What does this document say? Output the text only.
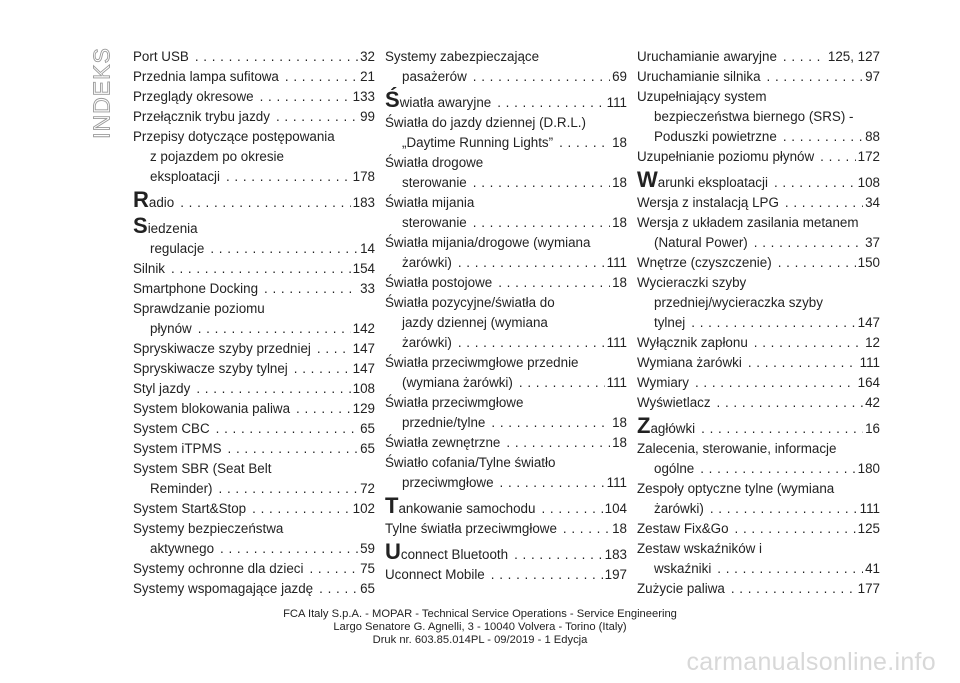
INDEKS Port USB . . .	32
Przednia lampa sufitowa . . .	21
Przeglądy okresowe . . .	133
Przełącznik trybu jazdy . . .	99
Przepisy dotyczące postępowania
z pojazdem po okresie
eksploatacji . . .	178
Radio . . .	183
Siedzenia
regulacje . . .	14
Silnik . . .	154
Smartphone Docking . . .	33
Sprawdzanie poziomu
płynów . . .	142
Spryskiwacze szyby przedniej . . .	147
Spryskiwacze szyby tylnej . . .	147
Styl jazdy . . .	108
System blokowania paliwa . . .	129
System CBC . . .	65
System iTPMS . . .	65
System SBR (Seat Belt
Reminder) . . .	72
System Start&Stop . . .	102
Systemy bezpieczeństwa
aktywnego . . .	59
Systemy ochronne dla dzieci . . .	75
Systemy wspomagające jazdę . . .	65
Systemy zabezpieczające
pasażerów . . .	69
Światła awaryjne . . .	111
Światła do jazdy dziennej (D.R.L.)
„Daytime Running Lights” . . .	18
Światła drogowe
sterowanie . . .	18
Światła mijania
sterowanie . . .	18
Światła mijania/drogowe (wymiana
żarówki) . . .	111
Światła postojowe . . .	18
Światła pozycyjne/światła do
jazdy dziennej (wymiana
żarówki) . . .	111
Światła przeciwmgłowe przednie
(wymiana żarówki) . . .	111
Światła przeciwmgłowe
przednie/tylne . . .	18
Światła zewnętrzne . . .	18
Światło cofania/Tylne światło
przeciwmgłowe . . .	111
Tankowanie samochodu . . .	104
Tylne światła przeciwmgłowe . . .	18
Uconnect Bluetooth . . .	183
Uconnect Mobile . . .	197
Uruchamianie awaryjne . . .	125, 127
Uruchamianie silnika . . .	97
Uzupełniający system
bezpieczeństwa biernego (SRS) -
Poduszki powietrzne . . .	88
Uzupełnianie poziomu płynów . . .	172
Warunki eksploatacji . . .	108
Wersja z instalacją LPG . . .	34
Wersja z układem zasilania metanem
(Natural Power) . . .	37
Wnętrze (czyszczenie) . . .	150
Wycieraczki szyby
przedniej/wycieraczka szyby
tylnej . . .	147
Wyłącznik zapłonu . . .	12
Wymiana żarówki . . .	111
Wymiary . . .	164
Wyświetlacz . . .	42
Zagłówki . . .	16
Zalecenia, sterowanie, informacje
ogólne . . .	180
Zespoły optyczne tylne (wymiana
żarówki) . . .	111
Zestaw Fix&Go . . .	125
Zestaw wskaźników i
wskaźniki . . .	41
Zużycie paliwa . . .	177
FCA Italy S.p.A. - MOPAR - Technical Service Operations - Service Engineering
Largo Senatore G. Agnelli, 3 - 10040 Volvera - Torino (Italy)
Druk nr. 603.85.014PL - 09/2019 - 1 Edycja
carmanualsonline.info
